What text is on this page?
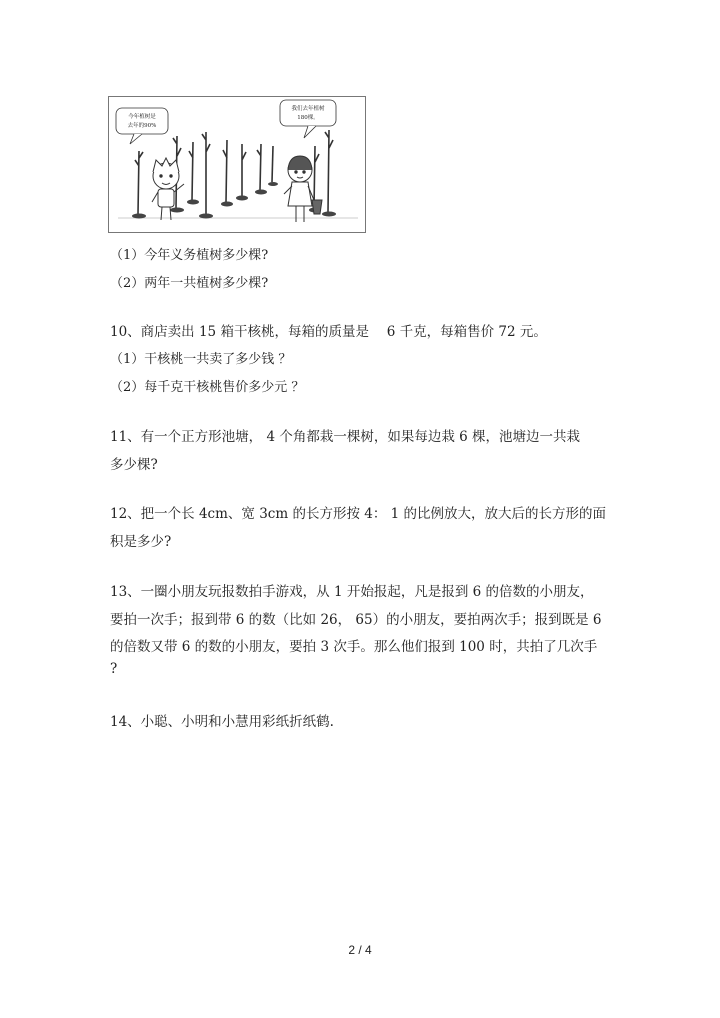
今年植树是
去年的90%
我们去年植树
180棵。
（1）今年义务植树多少棵?
（2）两年一共植树多少棵?
10、商店卖出 15 箱干核桃，每箱的质量是　 6 千克，每箱售价 72 元。
（1）干核桃一共卖了多少钱 ？
（2）每千克干核桃售价多少元 ？
11、有一个正方形池塘， 4 个角都栽一棵树，如果每边栽 6 棵，池塘边一共栽
多少棵?
12、把一个长 4cm、宽 3cm 的长方形按 4： 1 的比例放大，放大后的长方形的面
积是多少?
13、一圈小朋友玩报数拍手游戏，从 1 开始报起，凡是报到 6 的倍数的小朋友，
要拍一次手；报到带 6 的数（比如 26， 65）的小朋友，要拍两次手；报到既是 6
的倍数又带 6 的数的小朋友，要拍 3 次手。那么他们报到 100 时，共拍了几次手
?
14、小聪、小明和小慧用彩纸折纸鹤.
2 / 4
